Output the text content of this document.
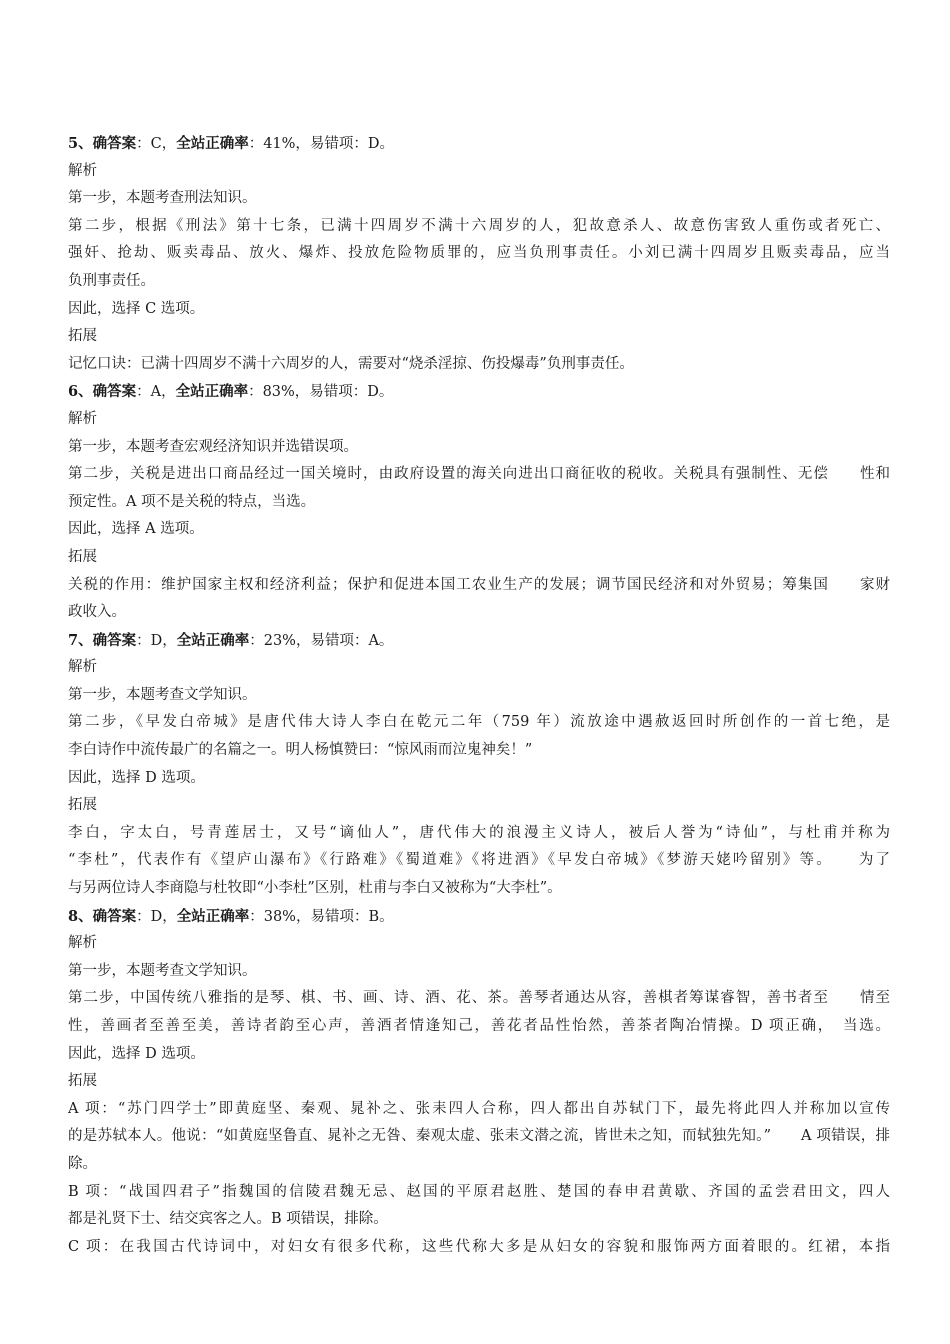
5、确答案：C，全站正确率：41%，易错项：D。
解析
第一步，本题考查刑法知识。
第二步，根据《刑法》第十七条，已满十四周岁不满十六周岁的人，犯故意杀人、故意伤害致人重伤或者死亡、
强奸、抢劫、贩卖毒品、放火、爆炸、投放危险物质罪的，应当负刑事责任。小刘已满十四周岁且贩卖毒品，应当
负刑事责任。
因此，选择 C 选项。
拓展
记忆口诀：已满十四周岁不满十六周岁的人，需要对“烧杀淫掠、伤投爆毒”负刑事责任。
6、确答案：A，全站正确率：83%，易错项：D。
解析
第一步，本题考查宏观经济知识并选错误项。
第二步，关税是进出口商品经过一国关境时，由政府设置的海关向进出口商征收的税收。关税具有强制性、无偿　　性和
预定性。A 项不是关税的特点，当选。
因此，选择 A 选项。
拓展
关税的作用：维护国家主权和经济利益；保护和促进本国工农业生产的发展；调节国民经济和对外贸易；筹集国　　家财
政收入。
7、确答案：D，全站正确率：23%，易错项：A。
解析
第一步，本题考查文学知识。
第二步，《早发白帝城》是唐代伟大诗人李白在乾元二年（759 年）流放途中遇赦返回时所创作的一首七绝，是
李白诗作中流传最广的名篇之一。明人杨慎赞曰：“惊风雨而泣鬼神矣！”
因此，选择 D 选项。
拓展
李白，字太白，号青莲居士，又号“谪仙人”，唐代伟大的浪漫主义诗人，被后人誉为“诗仙”，与杜甫并称为
“李杜”，代表作有《望庐山瀑布》《行路难》《蜀道难》《将进酒》《早发白帝城》《梦游天姥吟留别》等。　　为了
与另两位诗人李商隐与杜牧即“小李杜”区别，杜甫与李白又被称为“大李杜”。
8、确答案：D，全站正确率：38%，易错项：B。
解析
第一步，本题考查文学知识。
第二步，中国传统八雅指的是琴、棋、书、画、诗、酒、花、茶。善琴者通达从容，善棋者筹谋睿智，善书者至　　情至
性，善画者至善至美，善诗者韵至心声，善酒者情逢知己，善花者品性怡然，善茶者陶冶情操。D 项正确，　当选。
因此，选择 D 选项。
拓展
A 项：“苏门四学士”即黄庭坚、秦观、晁补之、张耒四人合称，四人都出自苏轼门下，最先将此四人并称加以宣传
的是苏轼本人。他说：“如黄庭坚鲁直、晁补之无咎、秦观太虚、张耒文潜之流，皆世未之知，而轼独先知。”　　A 项错误，排
除。
B 项：“战国四君子”指魏国的信陵君魏无忌、赵国的平原君赵胜、楚国的春申君黄歇、齐国的孟尝君田文，四人
都是礼贤下士、结交宾客之人。B 项错误，排除。
C 项：在我国古代诗词中，对妇女有很多代称，这些代称大多是从妇女的容貌和服饰两方面着眼的。红裙，本指
